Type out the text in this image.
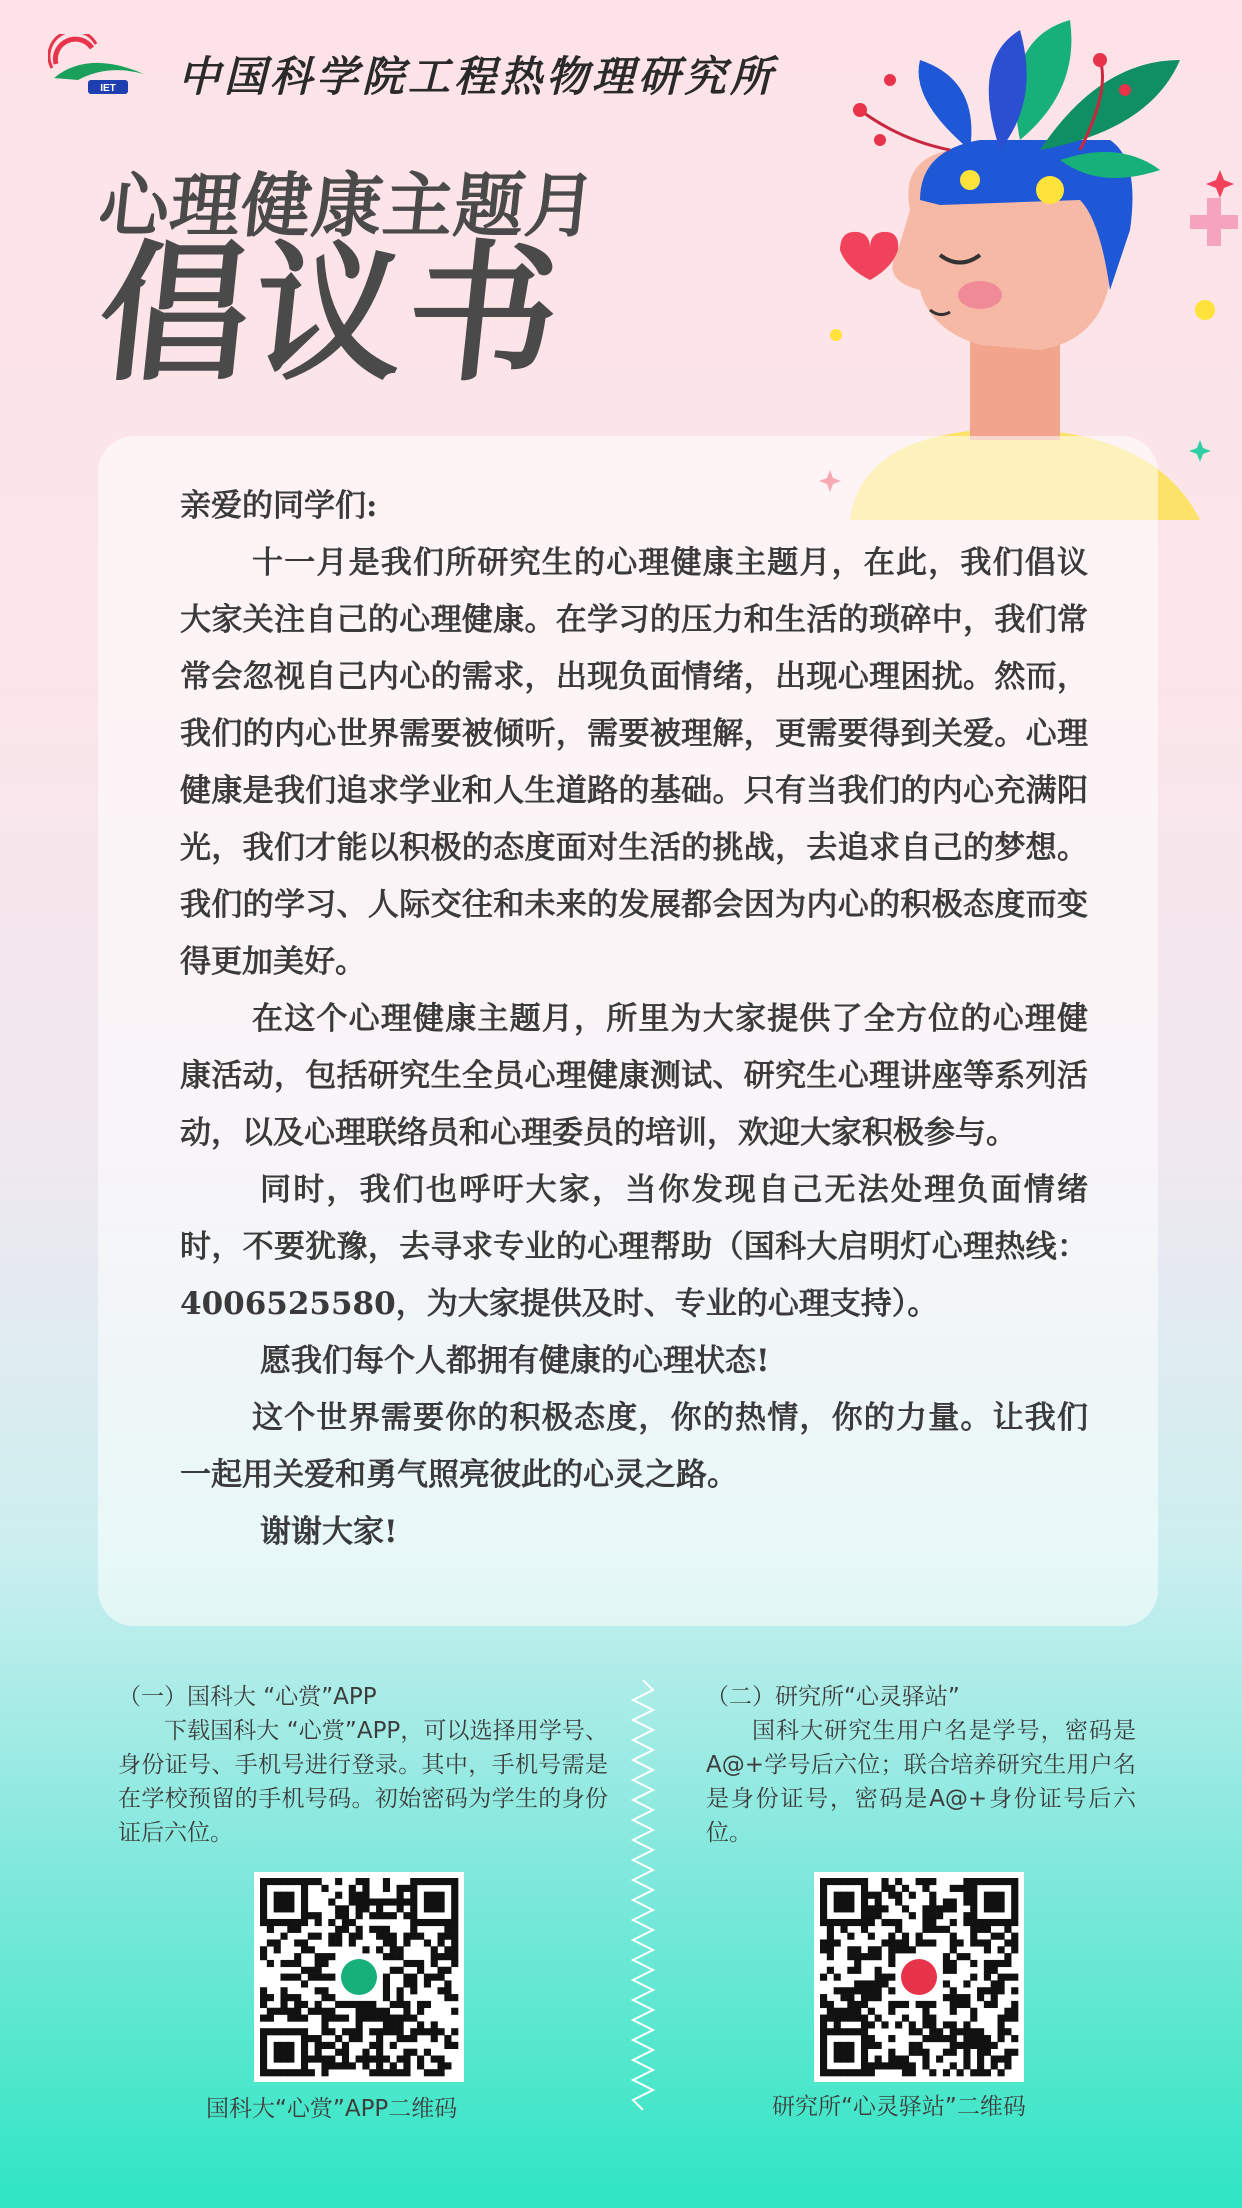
IET 中国科学院工程热物理研究所
心理健康主题月
倡议书

亲爱的同学们:

十一月是我们所研究生的心理健康主题月，在此，我们倡议大家关注自己的心理健康。在学习的压力和生活的琐碎中，我们常常会忽视自己内心的需求，出现负面情绪，出现心理困扰。然而，我们的内心世界需要被倾听，需要被理解，更需要得到关爱。心理健康是我们追求学业和人生道路的基础。只有当我们的内心充满阳光，我们才能以积极的态度面对生活的挑战，去追求自己的梦想。我们的学习、人际交往和未来的发展都会因为内心的积极态度而变得更加美好。

在这个心理健康主题月，所里为大家提供了全方位的心理健康活动，包括研究生全员心理健康测试、研究生心理讲座等系列活动，以及心理联络员和心理委员的培训，欢迎大家积极参与。

同时，我们也呼吁大家，当你发现自己无法处理负面情绪时，不要犹豫，去寻求专业的心理帮助（国科大启明灯心理热线：4006525580，为大家提供及时、专业的心理支持）。

愿我们每个人都拥有健康的心理状态!

这个世界需要你的积极态度，你的热情，你的力量。让我们一起用关爱和勇气照亮彼此的心灵之路。

谢谢大家!

（一）国科大 “心赏”APP

下载国科大 “心赏”APP，可以选择用学号、身份证号、手机号进行登录。其中，手机号需是在学校预留的手机号码。初始密码为学生的身份证后六位。

（二）研究所“心灵驿站”

国科大研究生用户名是学号，密码是 A@+学号后六位；联合培养研究生用户名是身份证号，密码是A@+身份证号后六位。

国科大“心赏”APP二维码	研究所“心灵驿站”二维码
